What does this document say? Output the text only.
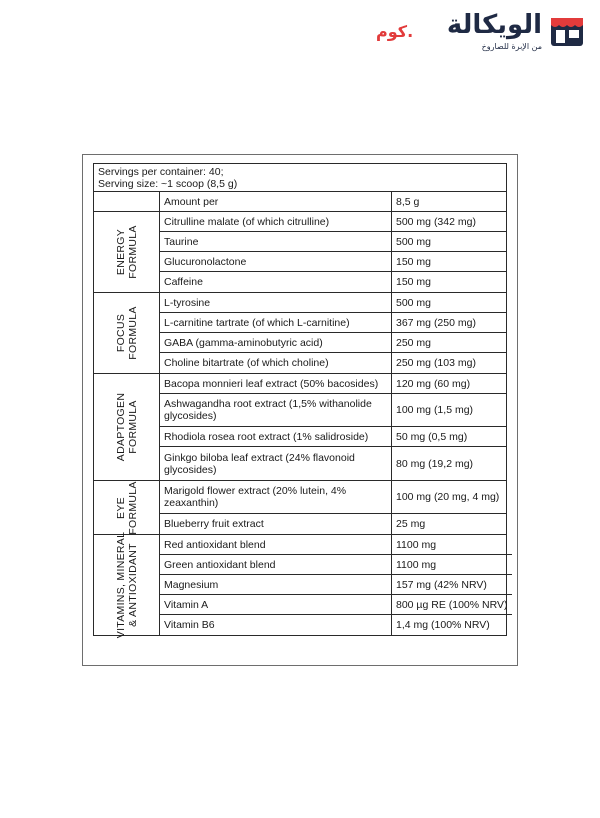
الويكالة
.كوم
من الإبرة للصاروخ
Servings per container: 40;
Serving size: ~1 scoop (8,5 g)
Amount per	8,5 g
ENERGY
FORMULA
Citrulline malate (of which citrulline)	500 mg (342 mg)
Taurine	500 mg
Glucuronolactone	150 mg
Caffeine	150 mg
FOCUS
FORMULA
L-tyrosine	500 mg
L-carnitine tartrate (of which L-carnitine)	367 mg (250 mg)
GABA (gamma-aminobutyric acid)	250 mg
Choline bitartrate (of which choline)	250 mg (103 mg)
ADAPTOGEN
FORMULA
Bacopa monnieri leaf extract (50% bacosides)	120 mg (60 mg)
Ashwagandha root extract (1,5% withanolide glycosides)	100 mg (1,5 mg)
Rhodiola rosea root extract (1% salidroside)	50 mg (0,5 mg)
Ginkgo biloba leaf extract (24% flavonoid glycosides)	80 mg (19,2 mg)
EYE
FORMULA	Marigold flower extract (20% lutein, 4% zeaxanthin)	100 mg (20 mg, 4 mg)
Blueberry fruit extract	25 mg
VITAMINS, MINERAL
& ANTIOXIDANT	Red antioxidant blend	1100 mg
Green antioxidant blend	1100 mg
Magnesium	157 mg (42% NRV)
Vitamin A	800 µg RE (100% NRV)
Vitamin B6	1,4 mg (100% NRV)
